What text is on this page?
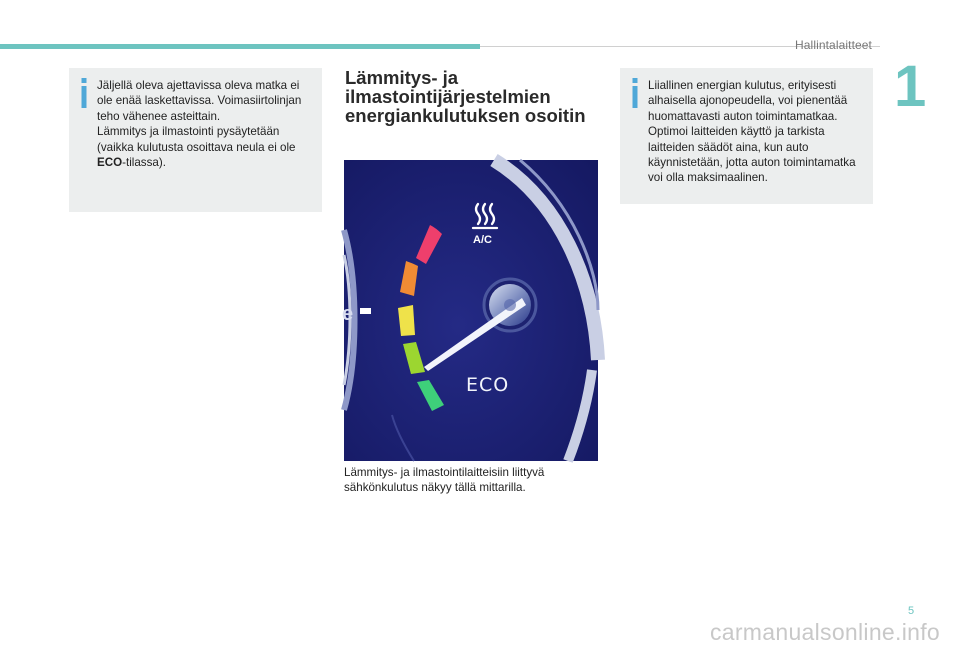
Hallintalaitteet
1
Jäljellä oleva ajettavissa oleva matka ei
ole enää laskettavissa. Voimasiirtolinjan
teho vähenee asteittain.
Lämmitys ja ilmastointi pysäytetään
(vaikka kulutusta osoittava neula ei ole
ECO-tilassa).
Lämmitys- ja
ilmastointijärjestelmien
energiankulutuksen osoitin
e
A/C
ECO
Lämmitys- ja ilmastointilaitteisiin liittyvä
sähkönkulutus näkyy tällä mittarilla.
Liiallinen energian kulutus, erityisesti
alhaisella ajonopeudella, voi pienentää
huomattavasti auton toimintamatkaa.
Optimoi laitteiden käyttö ja tarkista
laitteiden säädöt aina, kun auto
käynnistetään, jotta auton toimintamatka
voi olla maksimaalinen.
5
carmanualsonline.info
